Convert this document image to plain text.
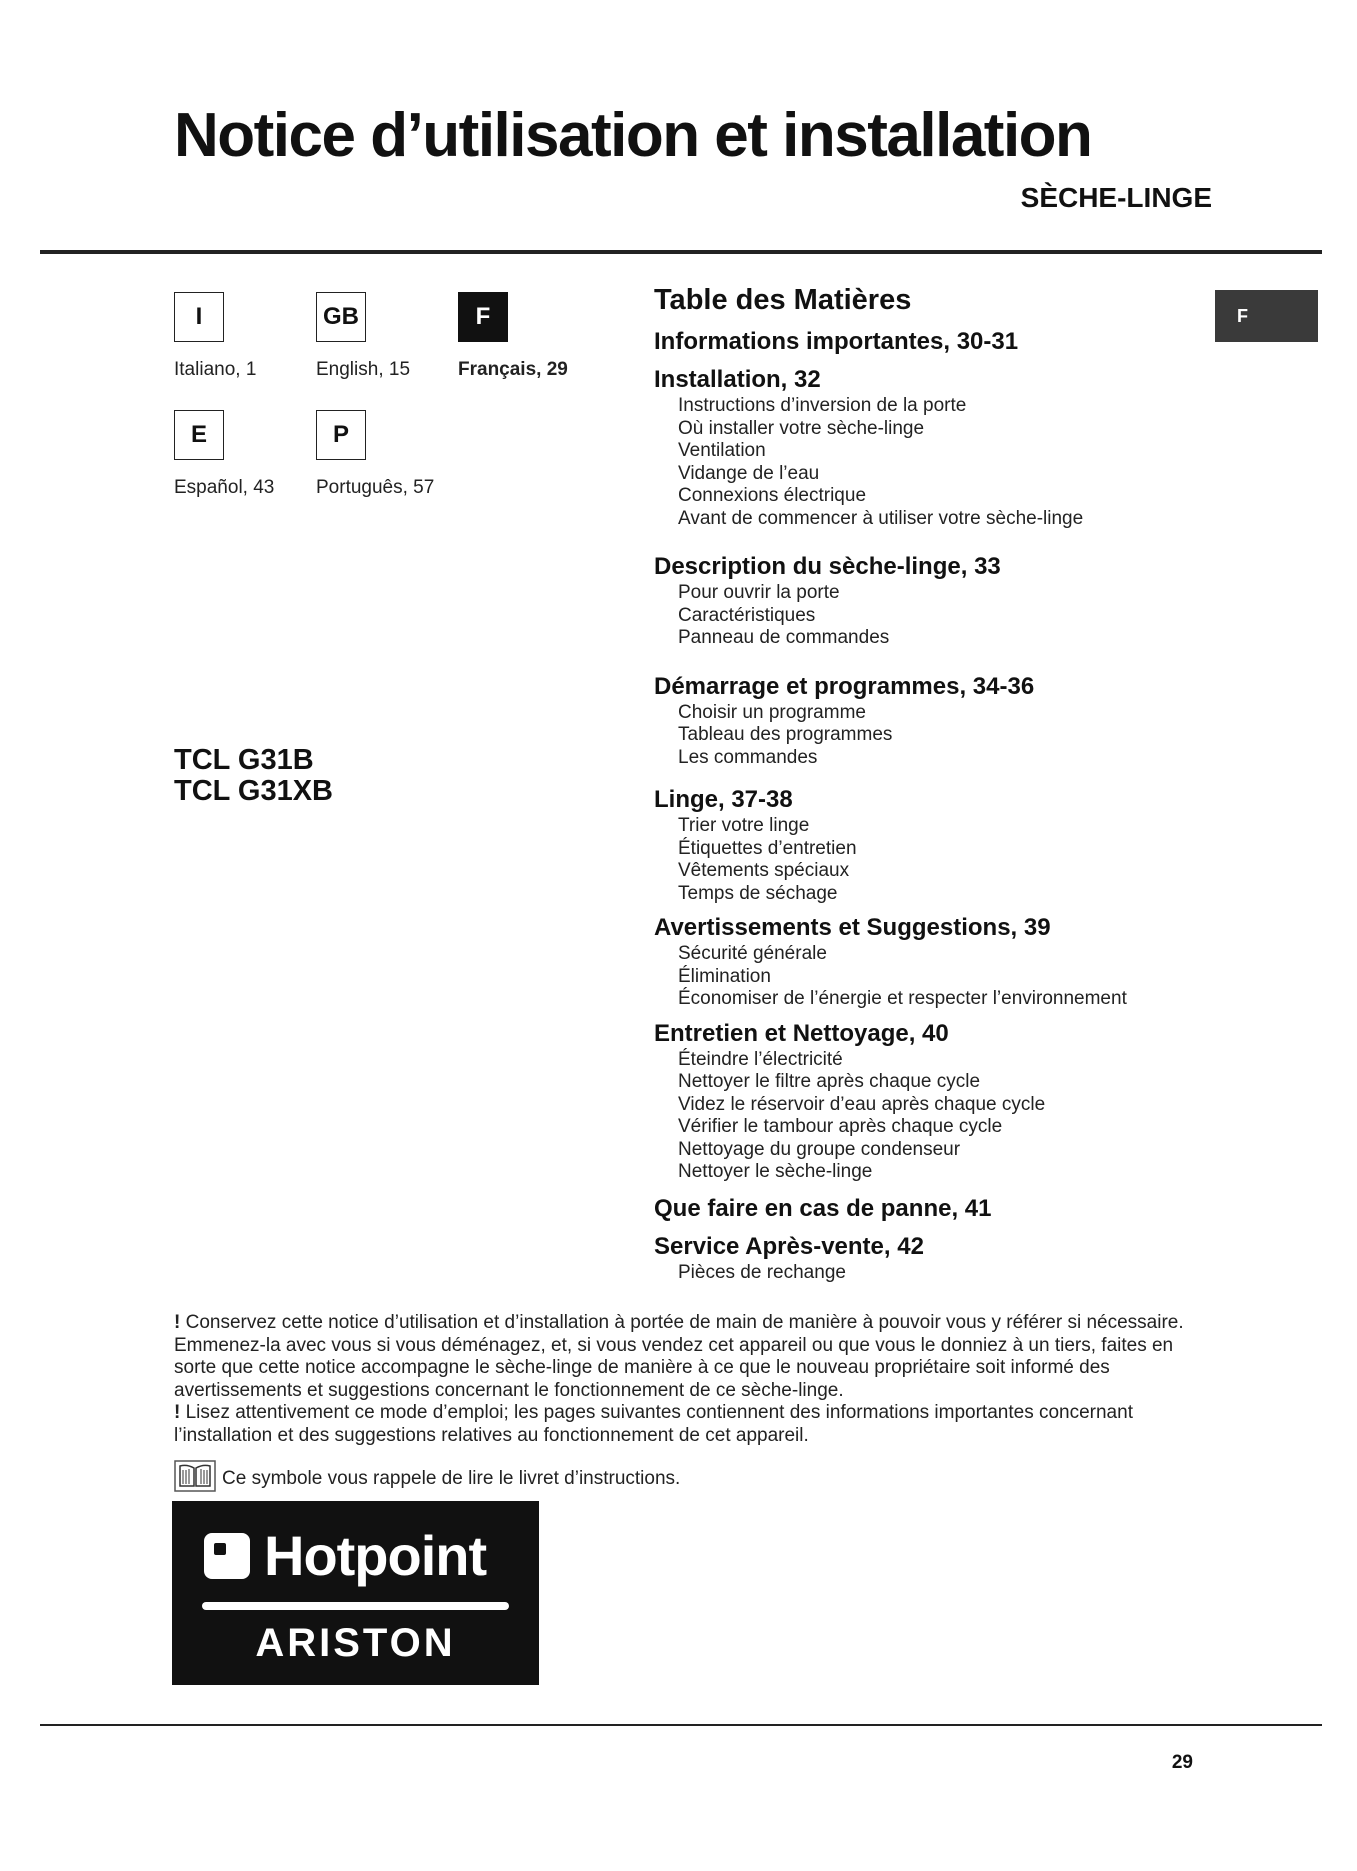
Notice d’utilisation et installation
SÈCHE-LINGE
I
Italiano, 1
GB
English, 15
F
Français, 29
E
Español, 43
P
Português, 57
TCL G31B
TCL G31XB
F
Table des Matières
Informations importantes, 30-31
Installation, 32
Instructions d’inversion de la porte
Où installer votre sèche-linge
Ventilation
Vidange de l’eau
Connexions électrique
Avant de commencer à utiliser votre sèche-linge
Description du sèche-linge, 33
Pour ouvrir la porte
Caractéristiques
Panneau de commandes
Démarrage et programmes, 34-36
Choisir un programme
Tableau des programmes
Les commandes
Linge, 37-38
Trier votre linge
Étiquettes d’entretien
Vêtements spéciaux
Temps de séchage
Avertissements et Suggestions, 39
Sécurité générale
Élimination
Économiser de l’énergie et respecter l’environnement
Entretien et Nettoyage, 40
Éteindre l’électricité
Nettoyer le filtre après chaque cycle
Videz le réservoir d’eau après chaque cycle
Vérifier le tambour après chaque cycle
Nettoyage du groupe condenseur
Nettoyer le sèche-linge
Que faire en cas de panne, 41
Service Après-vente, 42
Pièces de rechange
! Conservez cette notice d’utilisation et d’installation à portée de main de manière à pouvoir vous y référer si nécessaire. Emmenez-la avec vous si vous déménagez, et, si vous vendez cet appareil ou que vous le donniez à un tiers, faites en sorte que cette notice accompagne le sèche-linge de manière à ce que le nouveau propriétaire soit informé des avertissements et suggestions concernant le fonctionnement de ce sèche-linge.
! Lisez attentivement ce mode d’emploi; les pages suivantes contiennent des informations importantes concernant l’installation et des suggestions relatives au fonctionnement de cet appareil.
Ce symbole vous rappele de lire le livret d’instructions.
Hotpoint
ARISTON
29
